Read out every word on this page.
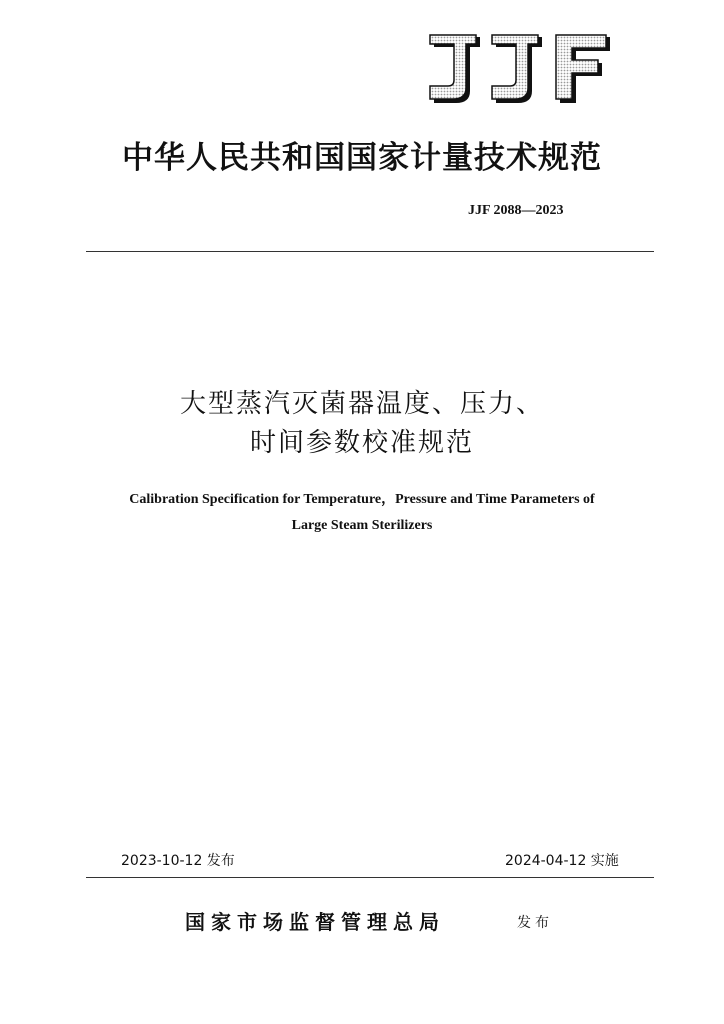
中华人民共和国国家计量技术规范
JJF 2088—2023
大型蒸汽灭菌器温度、压力、
时间参数校准规范
Calibration Specification for Temperature，Pressure and Time Parameters of
Large Steam Sterilizers
2023-10-12 发布	2024-04-12 实施
国家市场监督管理总局	发布
